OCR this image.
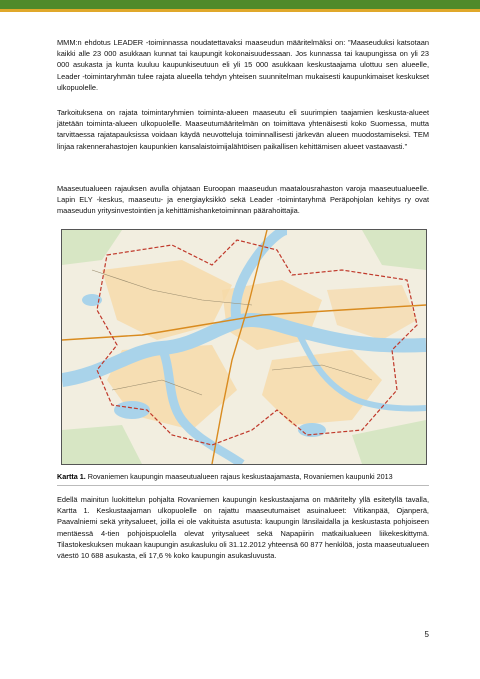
MMM:n ehdotus LEADER -toiminnassa noudatettavaksi maaseudun määritelmäksi on: ”Maaseuduksi katsotaan kaikki alle 23 000 asukkaan kunnat tai kaupungit kokonaisuudessaan. Jos kunnassa tai kaupungissa on yli 23 000 asukasta ja kunta kuuluu kaupunkiseutuun eli yli 15 000 asukkaan keskustaajama ulottuu sen alueelle, Leader -toimintaryhmän tulee rajata alueella tehdyn yhteisen suunnitelman mukaisesti kaupunkimaiset keskukset ulkopuolelle.
Tarkoituksena on rajata toimintaryhmien toiminta-alueen maaseutu eli suurimpien taajamien keskusta-alueet jätetään toiminta-alueen ulkopuolelle. Maaseutumääritelmän on toimittava yhtenäisesti koko Suomessa, mutta tarvittaessa rajatapauksissa voidaan käydä neuvotteluja toiminnallisesti järkevän alueen muodostamiseksi. TEM linjaa rakennerahastojen kaupunkien kansalaistoimijalähtöisen paikallisen kehittämisen alueet vastaavasti.”
Maaseutualueen rajauksen avulla ohjataan Euroopan maaseudun maatalousrahaston varoja maaseutualueelle. Lapin ELY -keskus, maaseutu- ja energiayksikkö sekä Leader -toimintaryhmä Peräpohjolan kehitys ry ovat maaseudun yritysinvestointien ja kehittämishanketoiminnan päärahoittajia.
Kartta 1. Rovaniemen kaupungin maaseutualueen rajaus keskustaajamasta, Rovaniemen kaupunki 2013
Edellä mainitun luokittelun pohjalta Rovaniemen kaupungin keskustaajama on määritelty yllä esitetyllä tavalla, Kartta 1. Keskustaajaman ulkopuolelle on rajattu maaseutumaiset asuinalueet: Vitikanpää, Ojanperä, Paavalniemi sekä yritysalueet, joilla ei ole vakituista asutusta: kaupungin länsilaidalla ja keskustasta pohjoiseen mentäessä 4-tien pohjoispuolella olevat yritysalueet sekä Napapiirin matkailualueen liikekeskittymä. Tilastokeskuksen mukaan kaupungin asukasluku oli 31.12.2012 yhteensä 60 877 henkilöä, josta maaseutualueen väestö 10 688 asukasta, eli 17,6 % koko kaupungin asukasluvusta.
5
